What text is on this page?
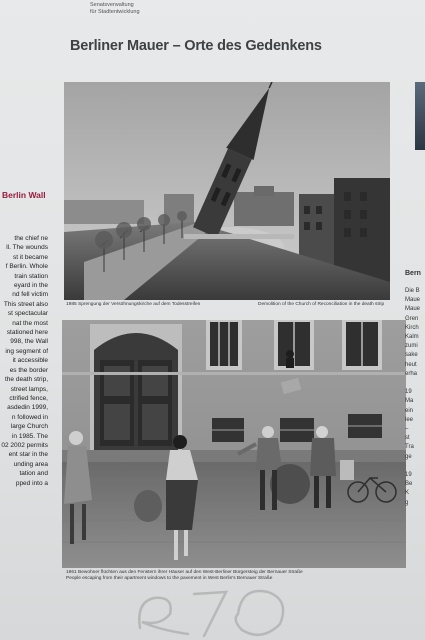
Senatsverwaltung
für Stadtentwicklung
Berliner Mauer – Orte des Gedenkens
Berlin Wall

the chief ne

ll. The wounds

st it became

f Berlin. Whole

train station

eyard in the

nd fell victim

This street also

st spectacular

nat the most

stationed here

998, the Wall

ing segment of

it accessible

es the border

the death strip,

street lamps,

ctrified fence,

asdedin 1999,

n followed in

large Church

in 1985. The

02 2002 permits

ent star in the

unding area

tation and

pped into a

1985 Sprengung der Versöhnungskirche auf dem Todesstreifen	Demolition of the Church of Reconciliation in the death strip
1961 Bewohner flüchten aus den Fenstern ihrer Häuser auf den West-Berliner Bürgersteig der Bernauer Straße
People escaping from their apartment windows to the pavement in West Berlin's Bernauer Straße
Bern

Die B

Maue

Maue

Gren

Kirch

Kalm

zumi

sake

heut

erha

19

Ma

ein

lee

–

st

Tra

ge

19

Be

K

g
